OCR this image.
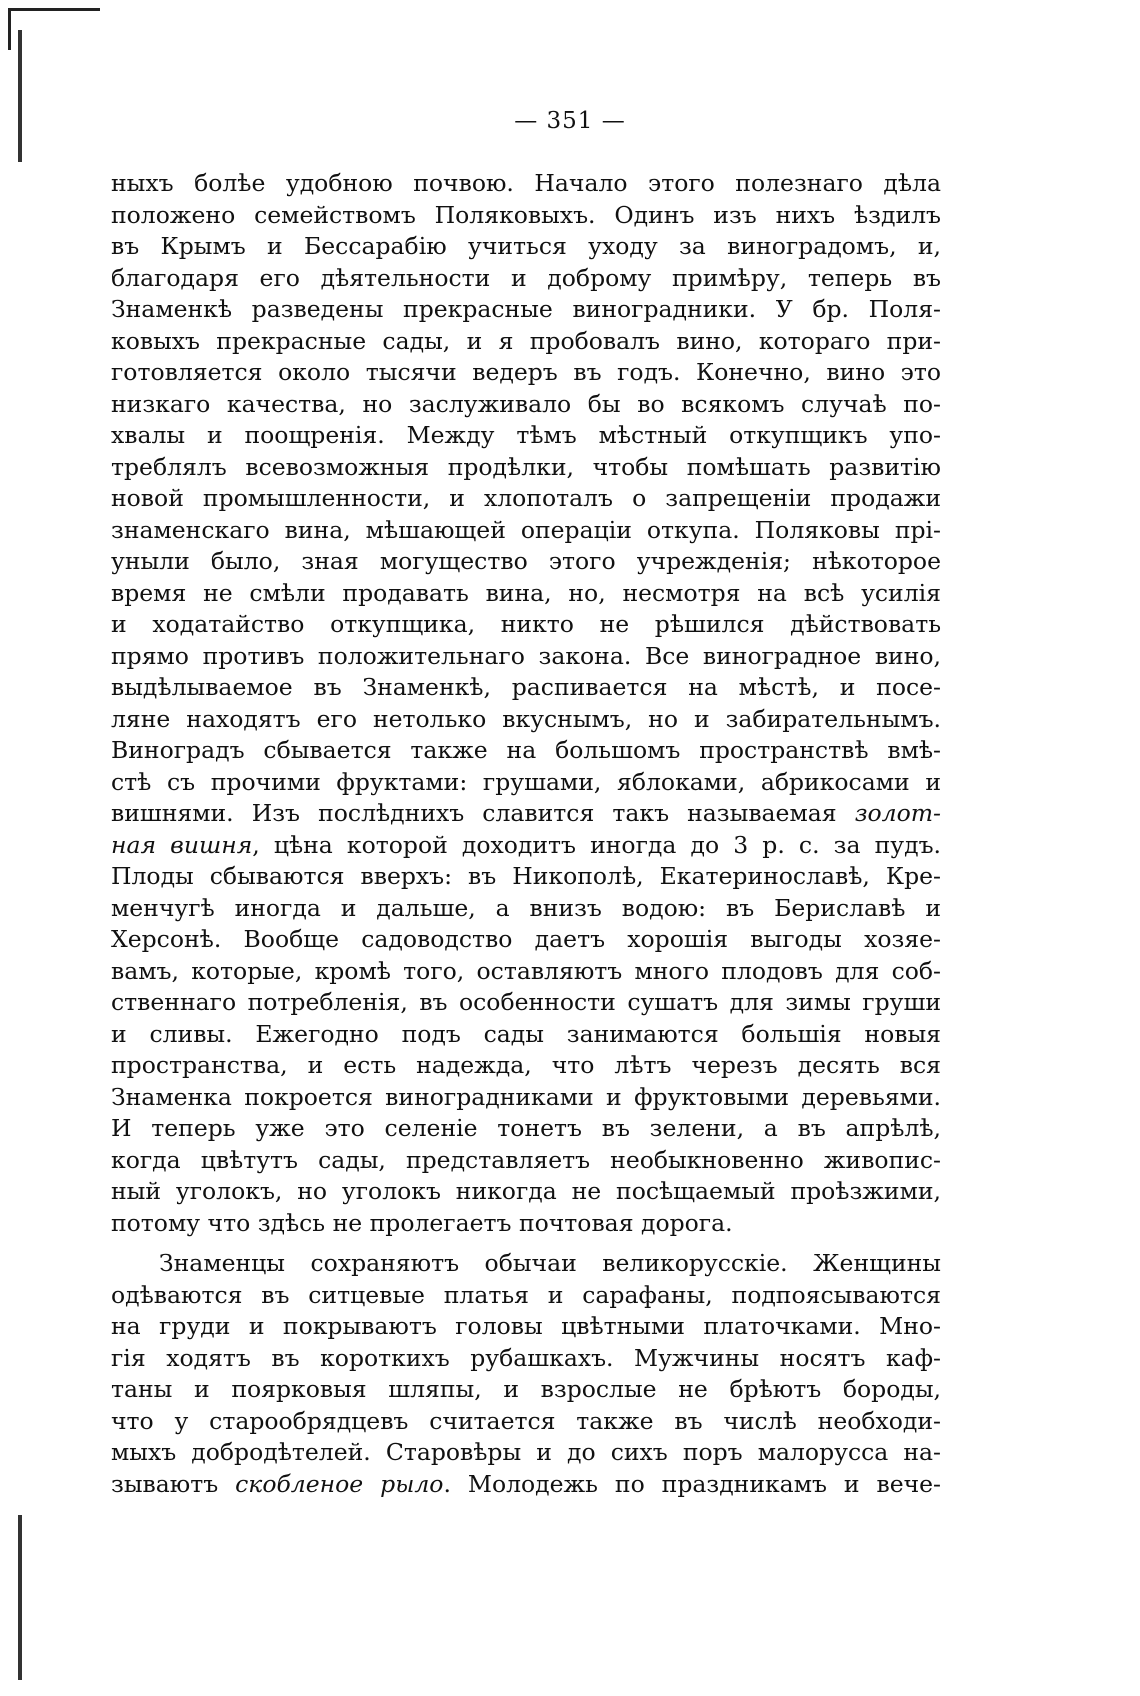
— 351 —
ныхъ болѣе удобною почвою. Начало этого полезнаго дѣла
положено семействомъ Поляковыхъ. Одинъ изъ нихъ ѣздилъ
въ Крымъ и Бессарабію учиться уходу за виноградомъ, и,
благодаря его дѣятельности и доброму примѣру, теперь въ
Знаменкѣ разведены прекрасные виноградники. У бр. Поля-
ковыхъ прекрасные сады, и я пробовалъ вино, котораго при-
готовляется около тысячи ведеръ въ годъ. Конечно, вино это
низкаго качества, но заслуживало бы во всякомъ случаѣ по-
хвалы и поощренія. Между тѣмъ мѣстный откупщикъ упо-
треблялъ всевозможныя продѣлки, чтобы помѣшать развитію
новой промышленности, и хлопоталъ о запрещеніи продажи
знаменскаго вина, мѣшающей операціи откупа. Поляковы прі-
уныли было, зная могущество этого учрежденія; нѣкоторое
время не смѣли продавать вина, но, несмотря на всѣ усилія
и ходатайство откупщика, никто не рѣшился дѣйствовать
прямо противъ положительнаго закона. Все виноградное вино,
выдѣлываемое въ Знаменкѣ, распивается на мѣстѣ, и посе-
ляне находятъ его нетолько вкуснымъ, но и забирательнымъ.
Виноградъ сбывается также на большомъ пространствѣ вмѣ-
стѣ съ прочими фруктами: грушами, яблоками, абрикосами и
вишнями. Изъ послѣднихъ славится такъ называемая золот-
ная вишня, цѣна которой доходитъ иногда до 3 р. с. за пудъ.
Плоды сбываются вверхъ: въ Никополѣ, Екатеринославѣ, Кре-
менчугѣ иногда и дальше, а внизъ водою: въ Бериславѣ и
Херсонѣ. Вообще садоводство даетъ хорошія выгоды хозяе-
вамъ, которые, кромѣ того, оставляютъ много плодовъ для соб-
ственнаго потребленія, въ особенности сушатъ для зимы груши
и сливы. Ежегодно подъ сады занимаются большія новыя
пространства, и есть надежда, что лѣтъ черезъ десять вся
Знаменка покроется виноградниками и фруктовыми деревьями.
И теперь уже это селеніе тонетъ въ зелени, а въ апрѣлѣ,
когда цвѣтутъ сады, представляетъ необыкновенно живопис-
ный уголокъ, но уголокъ никогда не посѣщаемый проѣзжими,
потому что здѣсь не пролегаетъ почтовая дорога.
Знаменцы сохраняютъ обычаи великорусскіе. Женщины
одѣваются въ ситцевые платья и сарафаны, подпоясываются
на груди и покрываютъ головы цвѣтными платочками. Мно-
гія ходятъ въ короткихъ рубашкахъ. Мужчины носятъ каф-
таны и поярковыя шляпы, и взрослые не брѣютъ бороды,
что у старообрядцевъ считается также въ числѣ необходи-
мыхъ добродѣтелей. Старовѣры и до сихъ поръ малорусса на-
зываютъ скобленое рыло. Молодежь по праздникамъ и вече-
